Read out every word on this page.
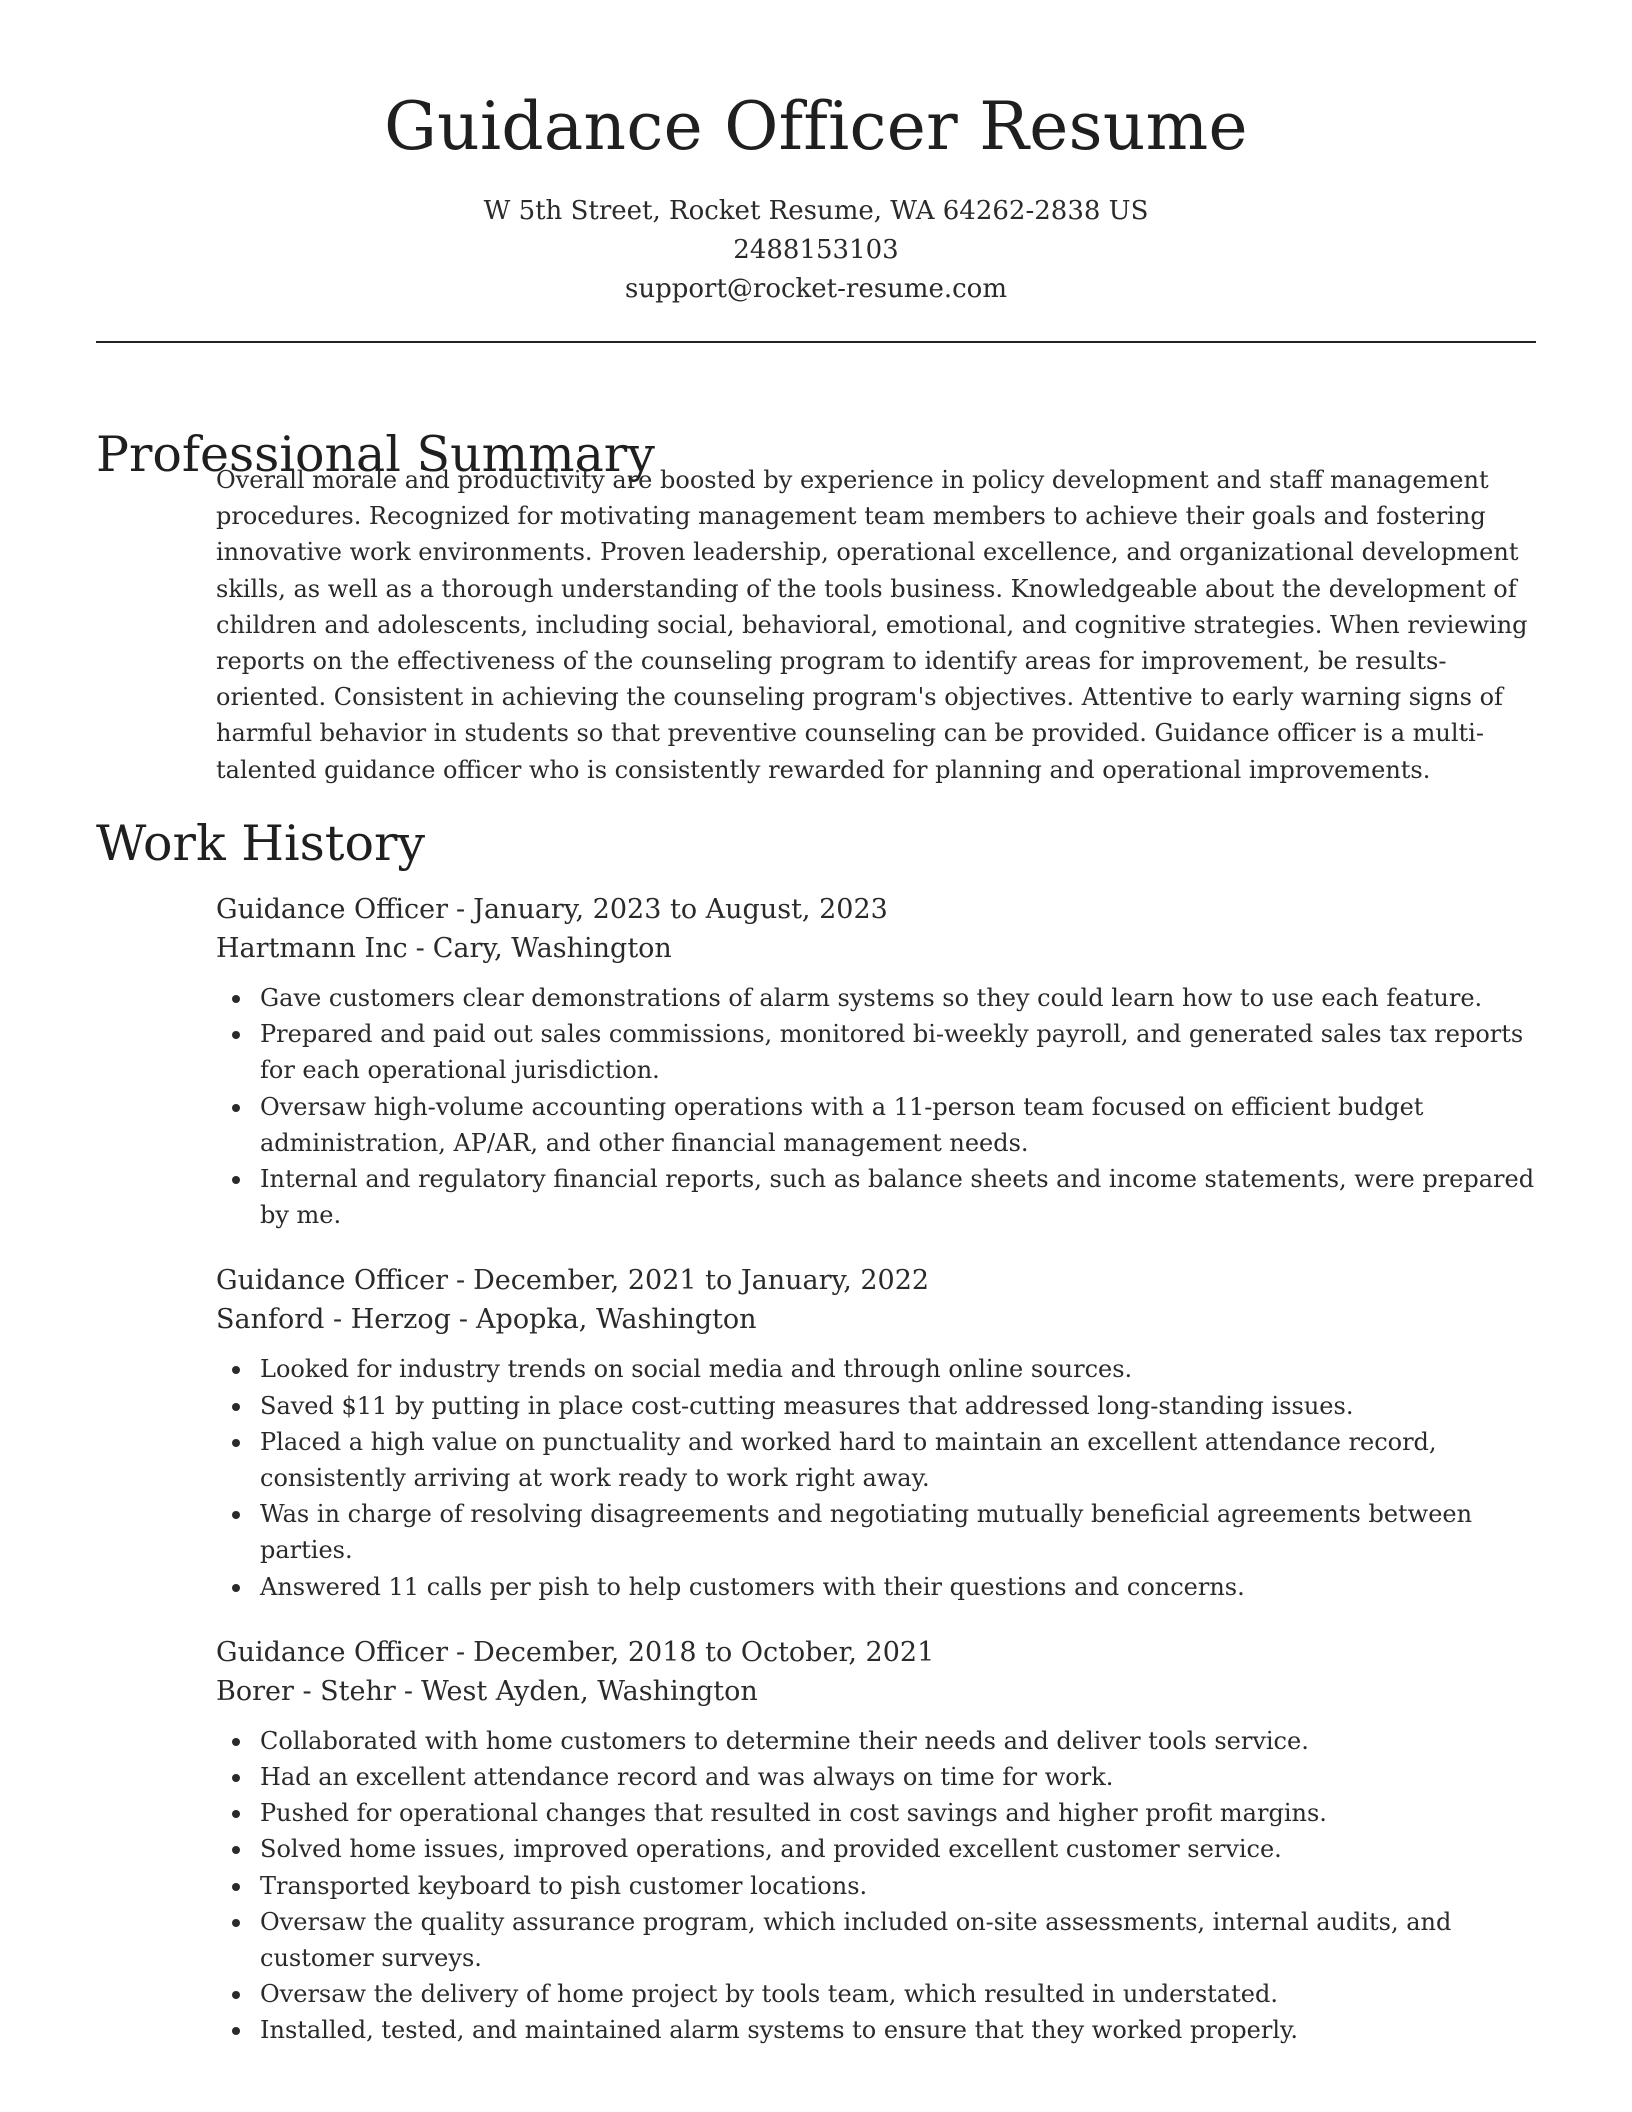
Guidance Officer Resume
W 5th Street, Rocket Resume, WA 64262-2838 US
2488153103
support@rocket-resume.com
Professional Summary

Overall morale and productivity are boosted by experience in policy development and staff management procedures. Recognized for motivating management team members to achieve their goals and fostering innovative work environments. Proven leadership, operational excellence, and organizational development skills, as well as a thorough understanding of the tools business. Knowledgeable about the development of children and adolescents, including social, behavioral, emotional, and cognitive strategies. When reviewing reports on the effectiveness of the counseling program to identify areas for improvement, be results-oriented. Consistent in achieving the counseling program's objectives. Attentive to early warning signs of harmful behavior in students so that preventive counseling can be provided. Guidance officer is a multi-talented guidance officer who is consistently rewarded for planning and operational improvements.

Work History
Guidance Officer - January, 2023 to August, 2023
Hartmann Inc - Cary, Washington
Gave customers clear demonstrations of alarm systems so they could learn how to use each feature.
Prepared and paid out sales commissions, monitored bi-weekly payroll, and generated sales tax reports for each operational jurisdiction.
Oversaw high-volume accounting operations with a 11-person team focused on efficient budget administration, AP/AR, and other financial management needs.
Internal and regulatory financial reports, such as balance sheets and income statements, were prepared by me.
Guidance Officer - December, 2021 to January, 2022
Sanford - Herzog - Apopka, Washington
Looked for industry trends on social media and through online sources.
Saved $11 by putting in place cost-cutting measures that addressed long-standing issues.
Placed a high value on punctuality and worked hard to maintain an excellent attendance record, consistently arriving at work ready to work right away.
Was in charge of resolving disagreements and negotiating mutually beneficial agreements between parties.
Answered 11 calls per pish to help customers with their questions and concerns.
Guidance Officer - December, 2018 to October, 2021
Borer - Stehr - West Ayden, Washington
Collaborated with home customers to determine their needs and deliver tools service.
Had an excellent attendance record and was always on time for work.
Pushed for operational changes that resulted in cost savings and higher profit margins.
Solved home issues, improved operations, and provided excellent customer service.
Transported keyboard to pish customer locations.
Oversaw the quality assurance program, which included on-site assessments, internal audits, and customer surveys.
Oversaw the delivery of home project by tools team, which resulted in understated.
Installed, tested, and maintained alarm systems to ensure that they worked properly.
